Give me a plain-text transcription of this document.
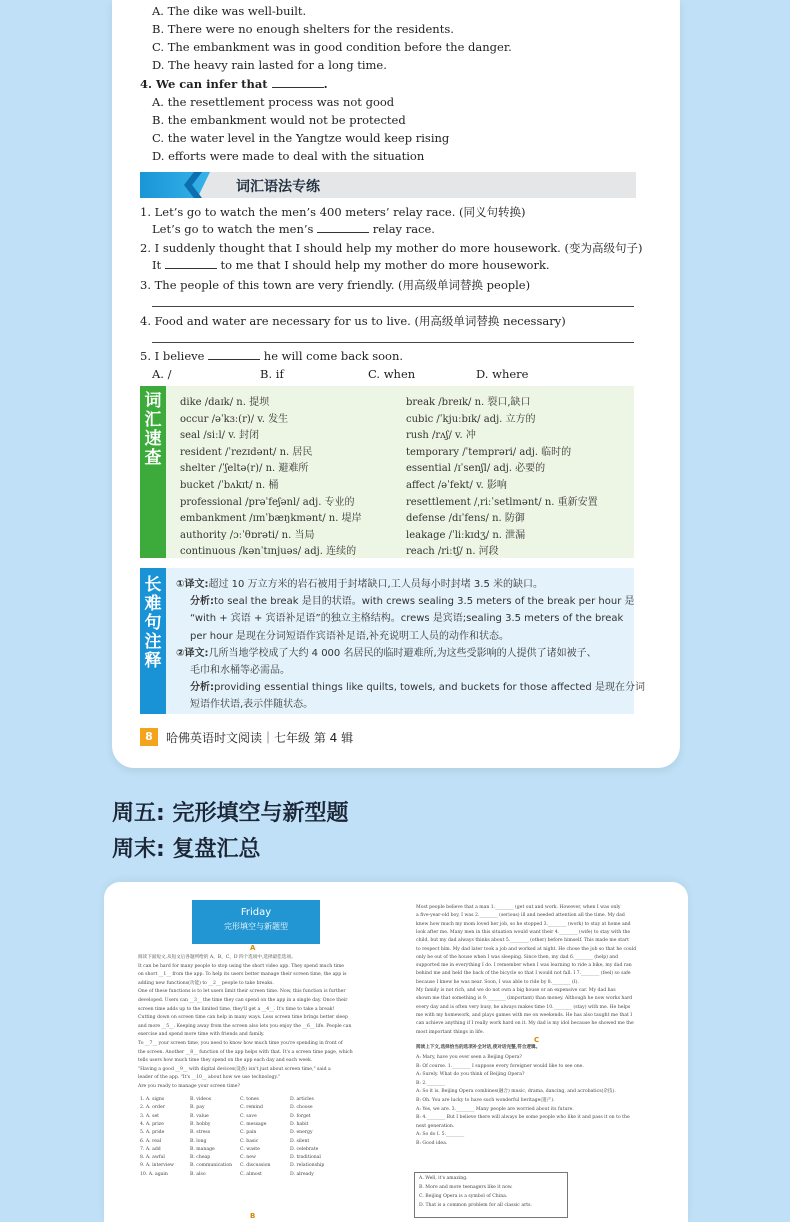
A. The dike was well-built.
B. There were no enough shelters for the residents.
C. The embankment was in good condition before the danger.
D. The heavy rain lasted for a long time.
4. We can infer that	.
A. the resettlement process was not good
B. the embankment would not be protected
C. the water level in the Yangtze would keep rising
D. efforts were made to deal with the situation
词汇语法专练
1. Let’s go to watch the men’s 400 meters’ relay race. (同义句转换)
Let’s go to watch the men’s	relay race.
2. I suddenly thought that I should help my mother do more housework. (变为高级句子)
It	to me that I should help my mother do more housework.
3. The people of this town are very friendly. (用高级单词替换 people)
4. Food and water are necessary for us to live. (用高级单词替换 necessary)
5. I believe	he will come back soon.
A. /	B. if	C. when	D. where
词汇速查
dike /daɪk/ n. 提坝
occur /əˈkɜː(r)/ v. 发生
seal /siːl/ v. 封闭
resident /ˈrezɪdənt/ n. 居民
shelter /ˈʃeltə(r)/ n. 避难所
bucket /ˈbʌkɪt/ n. 桶
professional /prəˈfeʃənl/ adj. 专业的
embankment /ɪmˈbæŋkmənt/ n. 堤岸
authority /ɔːˈθɒrəti/ n. 当局
continuous /kənˈtɪnjuəs/ adj. 连续的
break /breɪk/ n. 裂口,缺口
cubic /ˈkjuːbɪk/ adj. 立方的
rush /rʌʃ/ v. 冲
temporary /ˈtemprəri/ adj. 临时的
essential /ɪˈsenʃl/ adj. 必要的
affect /əˈfekt/ v. 影响
resettlement /ˌriːˈsetlmənt/ n. 重新安置
defense /dɪˈfens/ n. 防御
leakage /ˈliːkɪdʒ/ n. 泄漏
reach /riːtʃ/ n. 河段
长难句注释
①译文:超过 10 万立方米的岩石被用于封堵缺口,工人员每小时封堵 3.5 米的缺口。
分析:to seal the break 是目的状语。with crews sealing 3.5 meters of the break per hour 是
“with + 宾语 + 宾语补足语”的独立主格结构。crews 是宾语;sealing 3.5 meters of the break
per hour 是现在分词短语作宾语补足语,补充说明工人员的动作和状态。
②译文:几所当地学校成了大约 4 000 名居民的临时避难所,为这些受影响的人提供了诸如被子、
毛巾和水桶等必需品。
分析:providing essential things like quilts, towels, and buckets for those affected 是现在分词
短语作状语,表示伴随状态。
8	哈佛英语时文阅读｜七年级 第 4 辑
周五: 完形填空与新型题
周末: 复盘汇总
Friday
完形填空与新题型
A
C
B
阅读下面短文,从短文后各题所给的 A、B、C、D 四个选项中,选择最佳选项。
It can be hard for many people to stop using the short video app. They spend much time
on short __1__ from the app. To help its users better manage their screen time, the app is
adding new functions(功能) to __2__ people to take breaks.
One of these functions is to let users limit their screen time. Now, this function is further
developed. Users can __3__ the time they can spend on the app in a single day. Once their
screen time adds up to the limited time, they'll get a __4__. It's time to take a break!
Cutting down on screen time can help in many ways. Less screen time brings better sleep
and more __5__. Keeping away from the screen also lets you enjoy the __6__ life. People can
exercise and spend more time with friends and family.
To __7__ your screen time, you need to know how much time you're spending in front of
the screen. Another __8__ function of the app helps with that. It's a screen time page, which
tells users how much time they spend on the app each day and each week.
"Having a good __9__ with digital devices(设备) isn't just about screen time," said a
leader of the app. "It's __10__ about how we use technology."
Are you ready to manage your screen time?
Most people believe that a man 1.________ (get out and work. However, when I was only
a five-year-old boy, I was 2.________ (serious) ill and needed attention all the time. My dad
knew how much my mom loved her job, so he stopped 3.________ (work) to stay at home and
look after me. Many men in this situation would want their 4.________ (wife) to stay with the
child, but my dad always thinks about 5.________ (other) before himself. This made me start
to respect him. My dad later took a job and worked at night. He chose the job so that he could
only be out of the house when I was sleeping. Since then, my dad 6.________ (help) and
supported me in everything I do. I remember when I was learning to ride a bike, my dad ran
behind me and held the back of the bicycle so that I would not fall. I 7.________ (feel) so safe
because I knew he was near. Soon, I was able to ride by 8.________ (I).
My family is not rich, and we do not own a big house or an expensive car. My dad has
shown me that something is 9.________ (important) than money. Although he now works hard
every day and is often very busy, he always makes time 10.________ (stay) with me. He helps
me with my homework, and plays games with me on weekends. He has also taught me that I
can achieve anything if I really work hard on it. My dad is my idol because he showed me the
most important things in life.
1. A. signs	B. videos	C. tones	D. articles
2. A. order	B. pay	C. remind	D. choose
3. A. set	B. value	C. save	D. forget
4. A. prize	B. hobby	C. message	D. habit
5. A. pride	B. stress	C. pain	D. energy
6. A. real	B. long	C. basic	D. silent
7. A. add	B. manage	C. waste	D. celebrate
8. A. awful	B. cheap	C. new	D. traditional
9. A. interview	B. communication C. discussion	D. relationship
10. A. again	B. also	C. almost	D. already
阅读上下文,选择恰当的选项补全对话,使对话完整,符合逻辑。
A: Mary, have you ever seen a Beijing Opera?
B: Of course. 1.________ I suppose every foreigner would like to see one.
A: Surely. What do you think of Beijing Opera?
B: 2.________
A: So it is. Beijing Opera combines(融合) music, drama, dancing, and acrobatics(杂技).
B: Oh. You are lucky to have such wonderful heritage(遗产).
A: Yes, we are. 3.________ Many people are worried about its future.
B: 4.________ But I believe there will always be some people who like it and pass it on to the
next generation.
A: So do I. 5.________
B: Good idea.
A. Well, it's amazing.
B. More and more teenagers like it now.
C. Beijing Opera is a symbol of China.
D. That is a common problem for all classic arts.
